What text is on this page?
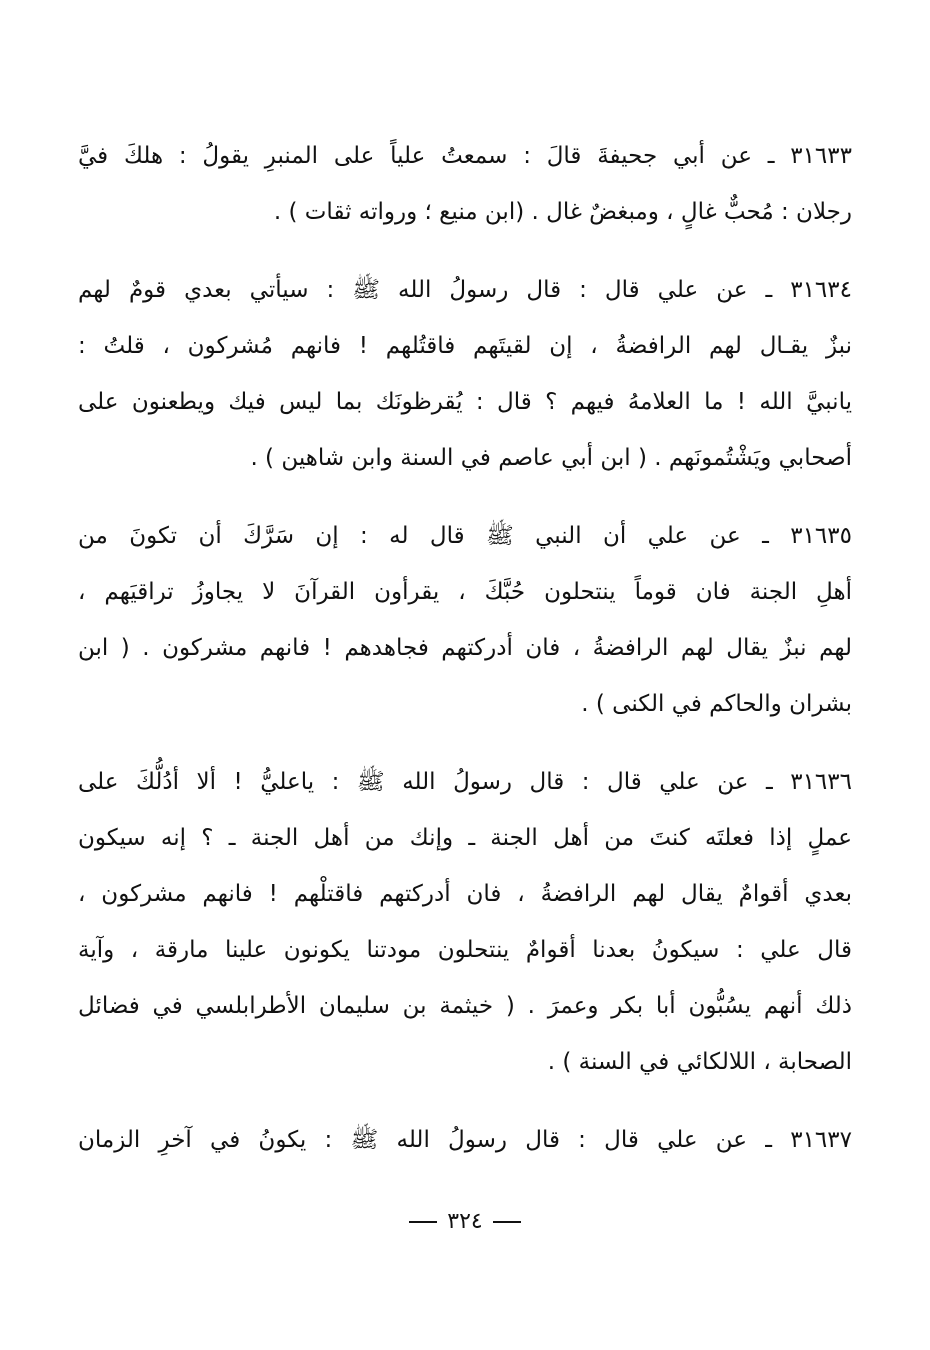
٣١٦٣٣ ـ عن أبي جحيفةَ قالَ : سمعتُ علياً على المنبرِ يقولُ : هلكَ فيَّ
رجلان : مُحبٌّ غالٍ ، ومبغضٌ غال . (ابن منيع ؛ ورواته ثقات ) .
٣١٦٣٤ ـ عن علي قال : قال رسولُ الله ﷺ : سيأتي بعدي قومٌ لهم
نبزٌ يقـال لهم الرافضةُ ، إن لقيتَهم فاقتُلهم ! فانهم مُشركون ، قلتُ :
يانبيَّ الله ! ما العلامهُ فيهم ؟ قال : يُقرظونَك بما ليس فيك ويطعنون على
أصحابي ويَشْتُمونَهم . ( ابن أبي عاصم في السنة وابن شاهين ) .
٣١٦٣٥ ـ عن علي أن النبي ﷺ قال له : إن سَرَّكَ أن تكونَ من
أهلِ الجنة فان قوماً ينتحلون حُبَّكَ ، يقرأون القرآنَ لا يجاوزُ تراقيَهم ،
لهم نبزٌ يقال لهم الرافضةُ ، فان أدركتهم فجاهدهم ! فانهم مشركون . ( ابن
بشران والحاكم في الكنى ) .
٣١٦٣٦ ـ عن علي قال : قال رسولُ الله ﷺ : ياعليُّ ! ألا أدُلُّكَ على
عملٍ إذا فعلتَه كنتَ من أهل الجنة ـ وإنك من أهل الجنة ـ ؟ إنه سيكون
بعدي أقوامٌ يقال لهم الرافضةُ ، فان أدركتهم فاقتلْهم ! فانهم مشركون ،
قال علي : سيكونُ بعدنا أقوامٌ ينتحلون مودتنا يكونون علينا مارقة ، وآية
ذلك أنهم يسُبُّون أبا بكر وعمرَ . ( خيثمة بن سليمان الأطرابلسي في فضائل
الصحابة ، اللالكائي في السنة ) .
٣١٦٣٧ ـ عن علي قال : قال رسولُ الله ﷺ : يكونُ في آخرِ الزمان
٣٢٤
